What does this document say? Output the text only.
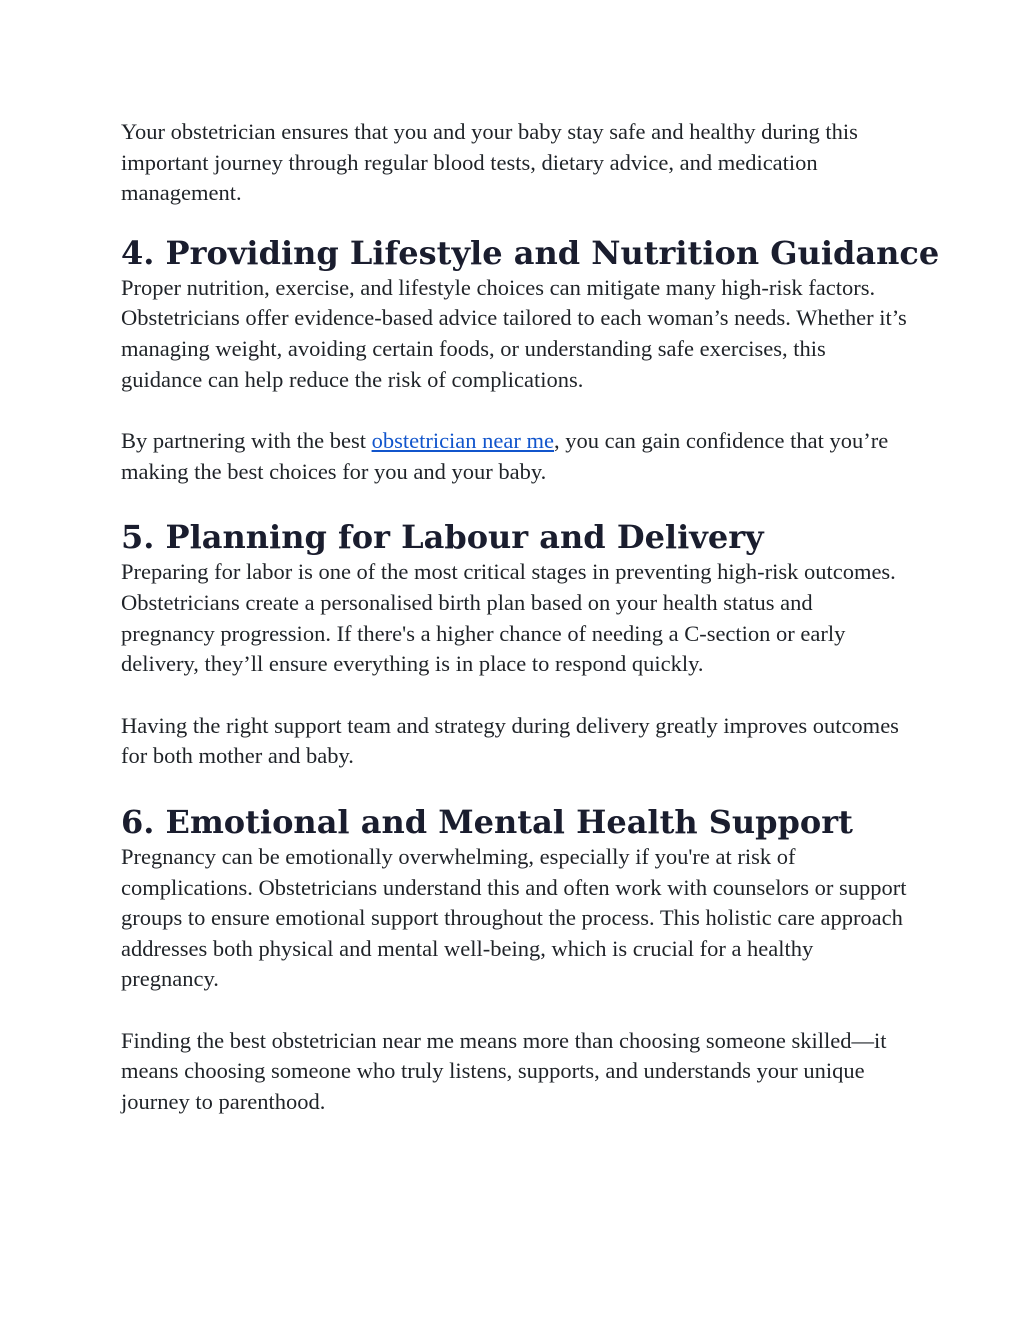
Your obstetrician ensures that you and your baby stay safe and healthy during this important journey through regular blood tests, dietary advice, and medication management.

4. Providing Lifestyle and Nutrition Guidance

Proper nutrition, exercise, and lifestyle choices can mitigate many high-risk factors. Obstetricians offer evidence-based advice tailored to each woman’s needs. Whether it’s managing weight, avoiding certain foods, or understanding safe exercises, this guidance can help reduce the risk of complications.

By partnering with the best obstetrician near me, you can gain confidence that you’re making the best choices for you and your baby.

5. Planning for Labour and Delivery

Preparing for labor is one of the most critical stages in preventing high-risk outcomes. Obstetricians create a personalised birth plan based on your health status and pregnancy progression. If there's a higher chance of needing a C-section or early delivery, they’ll ensure everything is in place to respond quickly.

Having the right support team and strategy during delivery greatly improves outcomes for both mother and baby.

6. Emotional and Mental Health Support

Pregnancy can be emotionally overwhelming, especially if you're at risk of complications. Obstetricians understand this and often work with counselors or support groups to ensure emotional support throughout the process. This holistic care approach addresses both physical and mental well-being, which is crucial for a healthy pregnancy.

Finding the best obstetrician near me means more than choosing someone skilled—it means choosing someone who truly listens, supports, and understands your unique journey to parenthood.
